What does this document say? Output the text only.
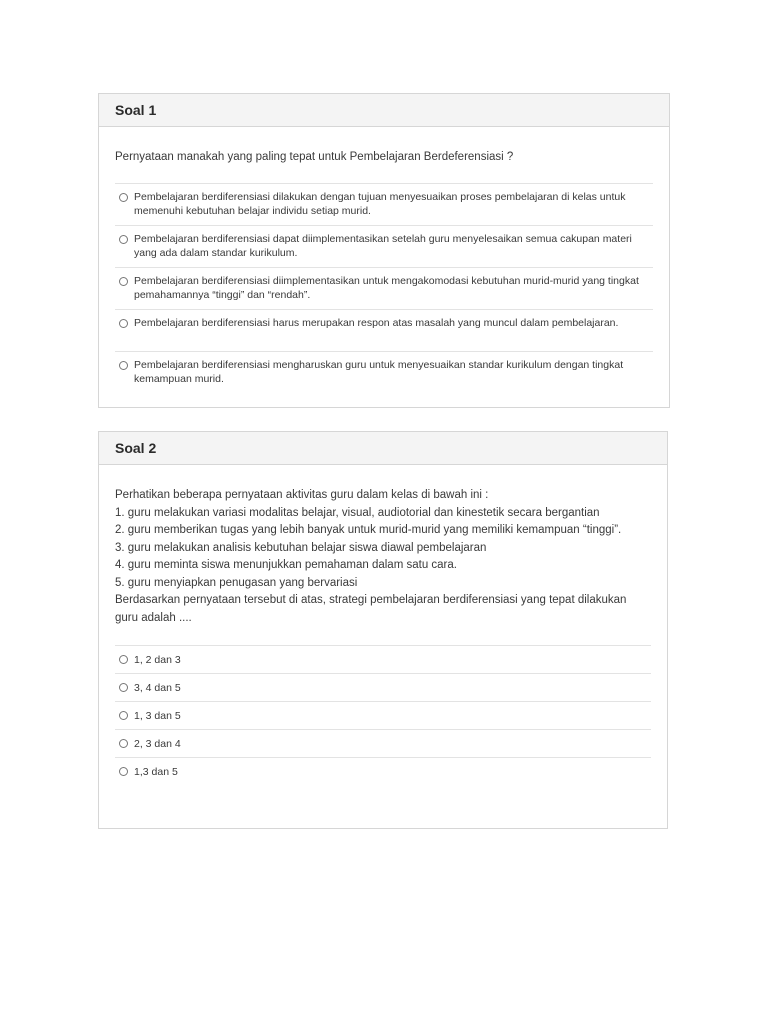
Soal 1
Pernyataan manakah yang paling tepat untuk Pembelajaran Berdeferensiasi ?
Pembelajaran berdiferensiasi dilakukan dengan tujuan menyesuaikan proses pembelajaran di kelas untuk memenuhi kebutuhan belajar individu setiap murid.
Pembelajaran berdiferensiasi dapat diimplementasikan setelah guru menyelesaikan semua cakupan materi yang ada dalam standar kurikulum.
Pembelajaran berdiferensiasi diimplementasikan untuk mengakomodasi kebutuhan murid-murid yang tingkat pemahamannya “tinggi” dan “rendah”.
Pembelajaran berdiferensiasi harus merupakan respon atas masalah yang muncul dalam pembelajaran.
Pembelajaran berdiferensiasi mengharuskan guru untuk menyesuaikan standar kurikulum dengan tingkat kemampuan murid.
Soal 2
Perhatikan beberapa pernyataan aktivitas guru dalam kelas di bawah ini :
1. guru melakukan variasi modalitas belajar, visual, audiotorial dan kinestetik secara bergantian
2. guru memberikan tugas yang lebih banyak untuk murid-murid yang memiliki kemampuan “tinggi”.
3. guru melakukan analisis kebutuhan belajar siswa diawal pembelajaran
4. guru meminta siswa menunjukkan pemahaman dalam satu cara.
5. guru menyiapkan penugasan yang bervariasi
Berdasarkan pernyataan tersebut di atas, strategi pembelajaran berdiferensiasi yang tepat dilakukan guru adalah ....
1, 2 dan 3
3, 4 dan 5
1, 3 dan 5
2, 3 dan 4
1,3 dan 5
